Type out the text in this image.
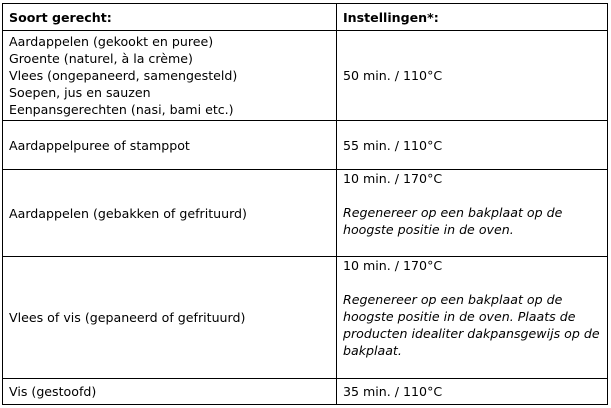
Soort gerecht:	Instellingen*:

Aardappelen (gekookt en puree)
Groente (naturel, à la crème)
Vlees (ongepaneerd, samengesteld)
Soepen, jus en sauzen
Eenpansgerechten (nasi, bami etc.)	50 min. / 110°C
Aardappelpuree of stamppot	55 min. / 110°C
Aardappelen (gebakken of gefrituurd)	10 min. / 170°C
Regenereer op een bakplaat op de hoogste positie in de oven.

Vlees of vis (gepaneerd of gefrituurd)	10 min. / 170°C
Regenereer op een bakplaat op de hoogste positie in de oven. Plaats de producten idealiter dakpansgewijs op de bakplaat.

Vis (gestoofd)	35 min. / 110°C
